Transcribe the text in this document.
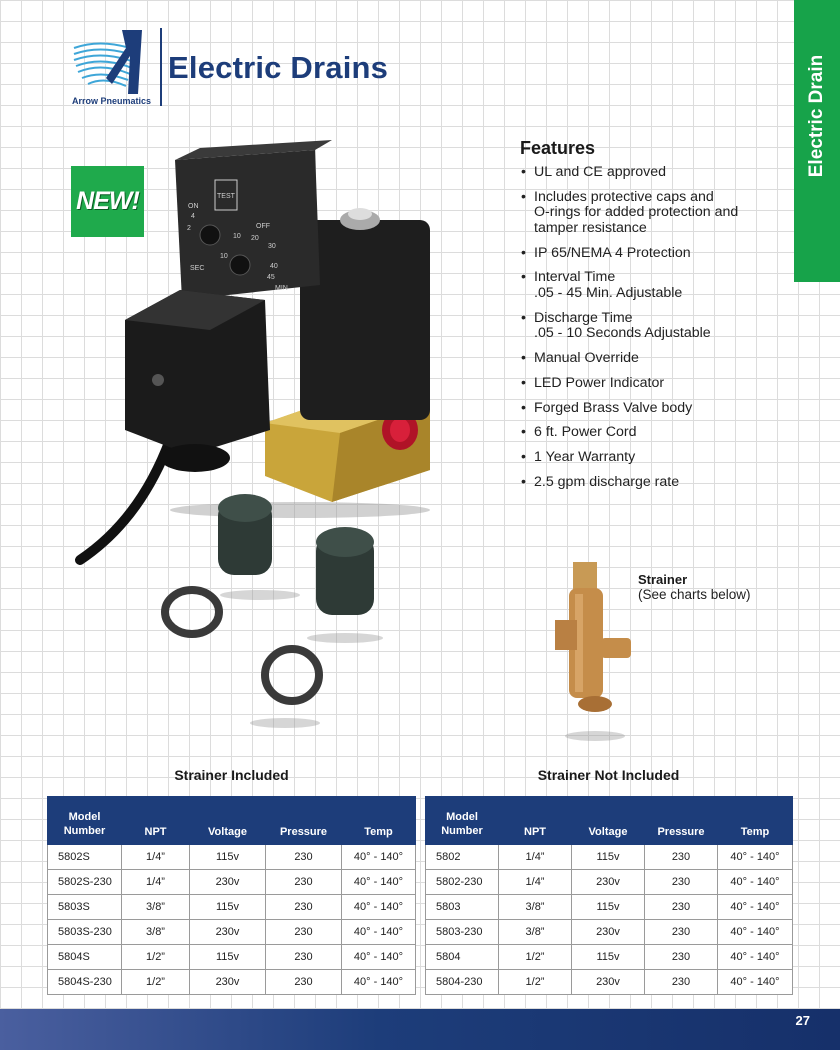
Arrow Pneumatics
Electric Drains	Electric Drain
TEST
ON
OFF
SEC
MIN
4
2
10 20
30
40
45
10
NEW!
Features
• UL and CE approved
• Includes protective caps and
O-rings for added protection and
tamper resistance
• IP 65/NEMA 4 Protection
• Interval Time
.05 - 45 Min. Adjustable
• Discharge Time
.05 - 10 Seconds Adjustable
• Manual Override
• LED Power Indicator
• Forged Brass Valve body
• 6 ft. Power Cord
• 1 Year Warranty
• 2.5 gpm discharge rate
Strainer
(See charts below)
Strainer Included
Model
Number	NPT	Voltage	Pressure	Temp
5802S	1/4”	115v	230	40° - 140°
5802S-230	1/4”	230v	230	40° - 140°
5803S	3/8”	115v	230	40° - 140°
5803S-230	3/8”	230v	230	40° - 140°
5804S	1/2”	115v	230	40° - 140°
5804S-230	1/2”	230v	230	40° - 140°
Strainer Not Included
Model
Number	NPT	Voltage	Pressure	Temp
5802	1/4”	115v	230	40° - 140°
5802-230	1/4”	230v	230	40° - 140°
5803	3/8”	115v	230	40° - 140°
5803-230	3/8”	230v	230	40° - 140°
5804	1/2”	115v	230	40° - 140°
5804-230	1/2”	230v	230	40° - 140°
27
